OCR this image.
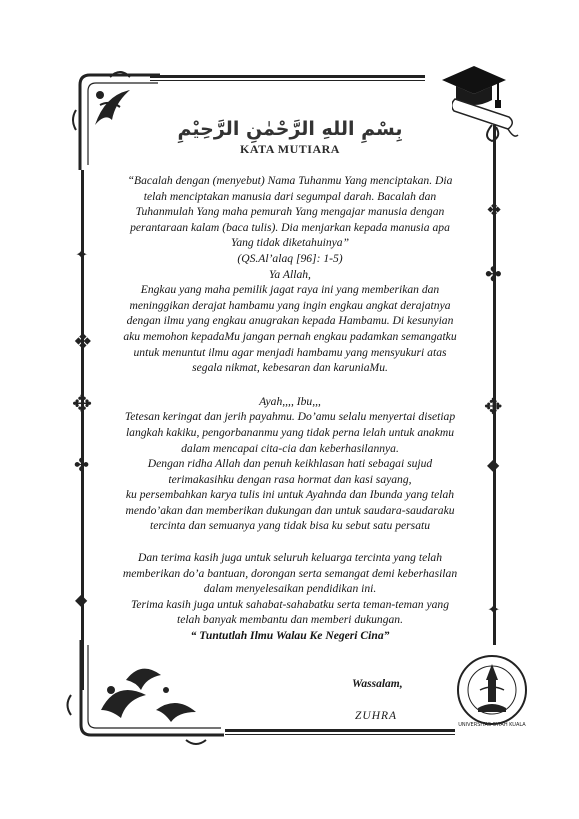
❖
✤
✥
◆
✦
✦
❖
✥
✤
◆
UNIVERSITAS SYIAH KUALA
بِسْمِ اللهِ الرَّحْمٰنِ الرَّحِيْمِ
KATA MUTIARA

“Bacalah dengan (menyebut) Nama Tuhanmu Yang menciptakan. Dia

telah menciptakan manusia dari segumpal darah. Bacalah dan

Tuhanmulah Yang maha pemurah Yang mengajar manusia dengan

perantaraan kalam (baca tulis). Dia menjarkan kepada manusia apa

Yang tidak diketahuinya”

(QS.Al’alaq [96]: 1-5)

Ya Allah,

Engkau yang maha pemilik jagat raya ini yang memberikan dan

meninggikan derajat hambamu yang ingin engkau angkat derajatnya

dengan ilmu yang engkau anugrakan kepada Hambamu. Di kesunyian

aku memohon kepadaMu jangan pernah engkau padamkan semangatku

untuk menuntut ilmu agar menjadi hambamu yang mensyukuri atas

segala nikmat, kebesaran dan karuniaMu.

Ayah,,,, Ibu,,,

Tetesan keringat dan jerih payahmu. Do’amu selalu menyertai disetiap

langkah kakiku, pengorbananmu yang tidak perna lelah untuk anakmu

dalam mencapai cita-cia dan keberhasilannya.

Dengan ridha Allah dan penuh keikhlasan hati sebagai sujud

terimakasihku dengan rasa hormat dan kasi sayang,

ku persembahkan karya tulis ini untuk Ayahnda dan Ibunda yang telah

mendo’akan dan memberikan dukungan dan untuk saudara-saudaraku

tercinta dan semuanya yang tidak bisa ku sebut satu persatu

Dan terima kasih juga untuk seluruh keluarga tercinta yang telah

memberikan do’a bantuan, dorongan serta semangat demi keberhasilan

dalam menyelesaikan pendidikan ini.

Terima kasih juga untuk sahabat-sahabatku serta teman-teman yang

telah banyak membantu dan memberi dukungan.

“ Tuntutlah Ilmu Walau Ke Negeri Cina”

Wassalam,
ZUHRA
